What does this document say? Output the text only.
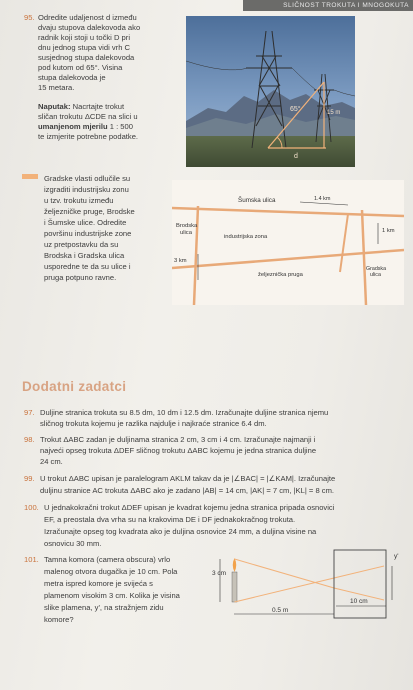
SLIČNOST TROKUTA I MNOGOKUTA
95. Odredite udaljenost d između
dvaju stupova dalekovoda ako
radnik koji stoji u točki D pri
dnu jednog stupa vidi vrh C
susjednog stupa dalekovoda
pod kutom od 65°. Visina
stupa dalekovoda je
15 metara.
Naputak: Nacrtajte trokut
sličan trokutu ΔCDE na slici u
umanjenom mjerilu 1 : 500
te izmjerite potrebne podatke.
65°	15 m
d
Gradske vlasti odlučile su
izgraditi industrijsku zonu
u tzv. trokutu između
željezničke pruge, Brodske
i Šumske ulice. Odredite
površinu industrijske zone
uz pretpostavku da su
Brodska i Gradska ulica
usporedne te da su ulice i
pruga potpuno ravne.
Šumska ulica	1.4 km
Brodska
ulica
industrijska zona
1 km
3 km
željeznička pruga
Gradska
ulica
Dodatni zadatci
97. Duljine stranica trokuta su 8.5 dm, 10 dm i 12.5 dm. Izračunajte duljine stranica njemu
sličnog trokuta kojemu je razlika najdulje i najkraće stranice 6.4 dm.
98. Trokut ΔABC zadan je duljinama stranica 2 cm, 3 cm i 4 cm. Izračunajte najmanji i
najveći opseg trokuta ΔDEF sličnog trokutu ΔABC kojemu je jedna stranica duljine
24 cm.
99. U trokut ΔABC upisan je paralelogram AKLM takav da je |∠BAC| = |∠KAM|. Izračunajte
duljinu stranice AC trokuta ΔABC ako je zadano |AB| = 14 cm, |AK| = 7 cm, |KL| = 8 cm.
100. U jednakokračni trokut ΔDEF upisan je kvadrat kojemu jedna stranica pripada osnovici
EF, a preostala dva vrha su na krakovima DE i DF jednakokračnog trokuta.
Izračunajte opseg tog kvadrata ako je duljina osnovice 24 mm, a duljina visine na
osnovicu 30 mm.
101. Tamna komora (camera obscura) vrlo
malenog otvora dugačka je 10 cm. Pola
metra ispred komore je svijeća s
plamenom visokim 3 cm. Kolika je visina
slike plamena, y', na stražnjem zidu
komore?
3 cm
y'
0.5 m
10 cm
